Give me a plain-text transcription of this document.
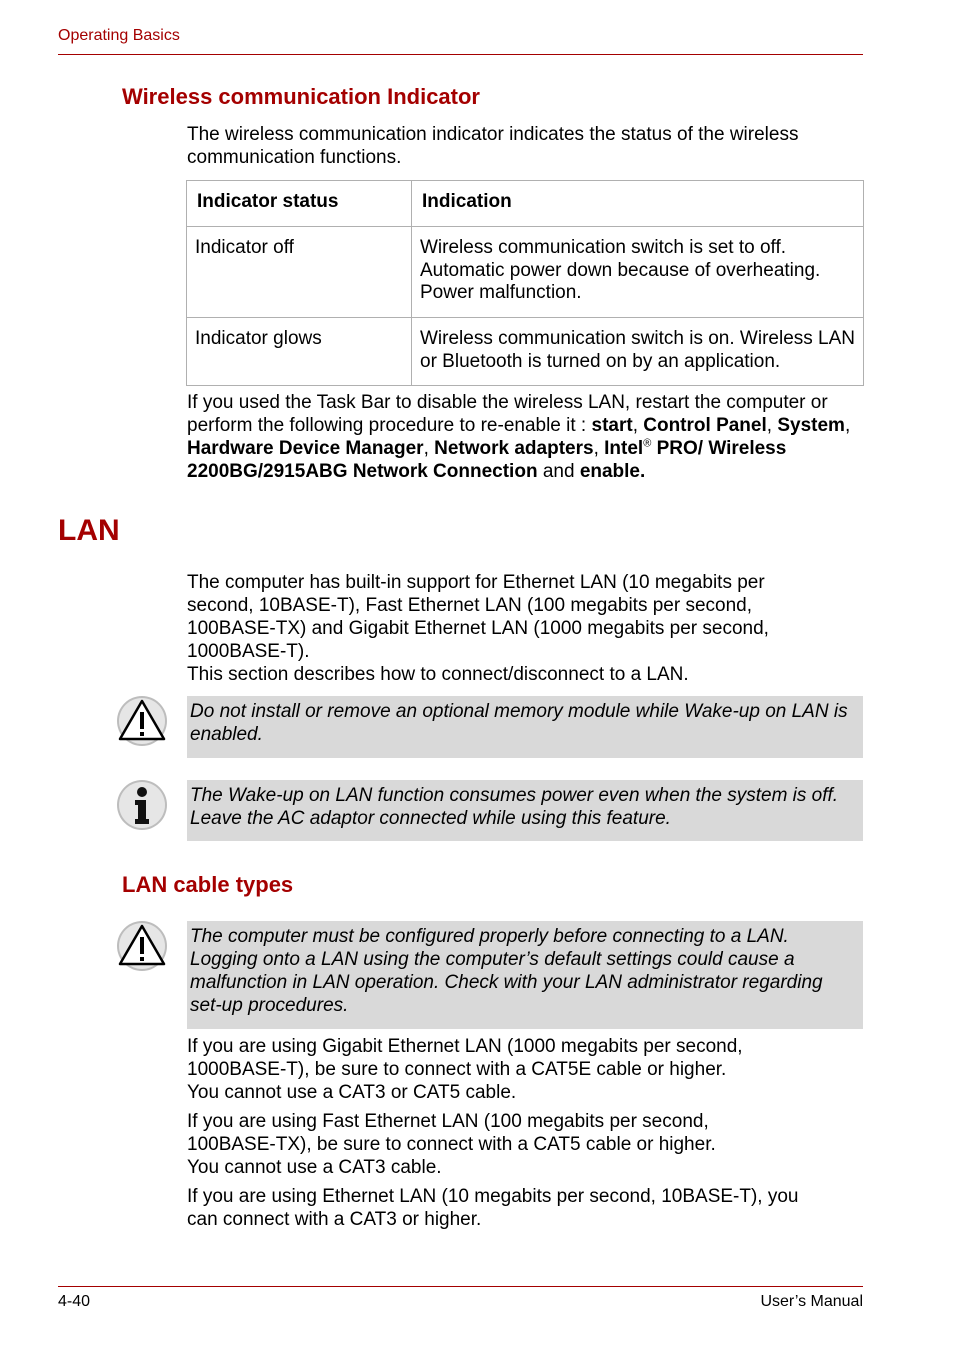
Operating Basics
Wireless communication Indicator

The wireless communication indicator indicates the status of the wireless communication functions.

Indicator status	Indication
Indicator off	Wireless communication switch is set to off.
Automatic power down because of overheating.
Power malfunction.

Indicator glows	Wireless communication switch is on. Wireless LAN or Bluetooth is turned on by an application.

If you used the Task Bar to disable the wireless LAN, restart the computer or perform the following procedure to re-enable it : start, Control Panel, System, Hardware Device Manager, Network adapters, Intel® PRO/ Wireless 2200BG/2915ABG Network Connection and enable.

LAN

The computer has built-in support for Ethernet LAN (10 megabits per second, 10BASE-T), Fast Ethernet LAN (100 megabits per second, 100BASE-TX) and Gigabit Ethernet LAN (1000 megabits per second, 1000BASE-T).

This section describes how to connect/disconnect to a LAN.

Do not install or remove an optional memory module while Wake-up on LAN is enabled.

The Wake-up on LAN function consumes power even when the system is off. Leave the AC adaptor connected while using this feature.

LAN cable types

The computer must be configured properly before connecting to a LAN. Logging onto a LAN using the computer’s default settings could cause a malfunction in LAN operation. Check with your LAN administrator regarding set-up procedures.

If you are using Gigabit Ethernet LAN (1000 megabits per second, 1000BASE-T), be sure to connect with a CAT5E cable or higher.

You cannot use a CAT3 or CAT5 cable.

If you are using Fast Ethernet LAN (100 megabits per second, 100BASE-TX), be sure to connect with a CAT5 cable or higher.

You cannot use a CAT3 cable.

If you are using Ethernet LAN (10 megabits per second, 10BASE-T), you can connect with a CAT3 or higher.

4-40	User’s Manual
